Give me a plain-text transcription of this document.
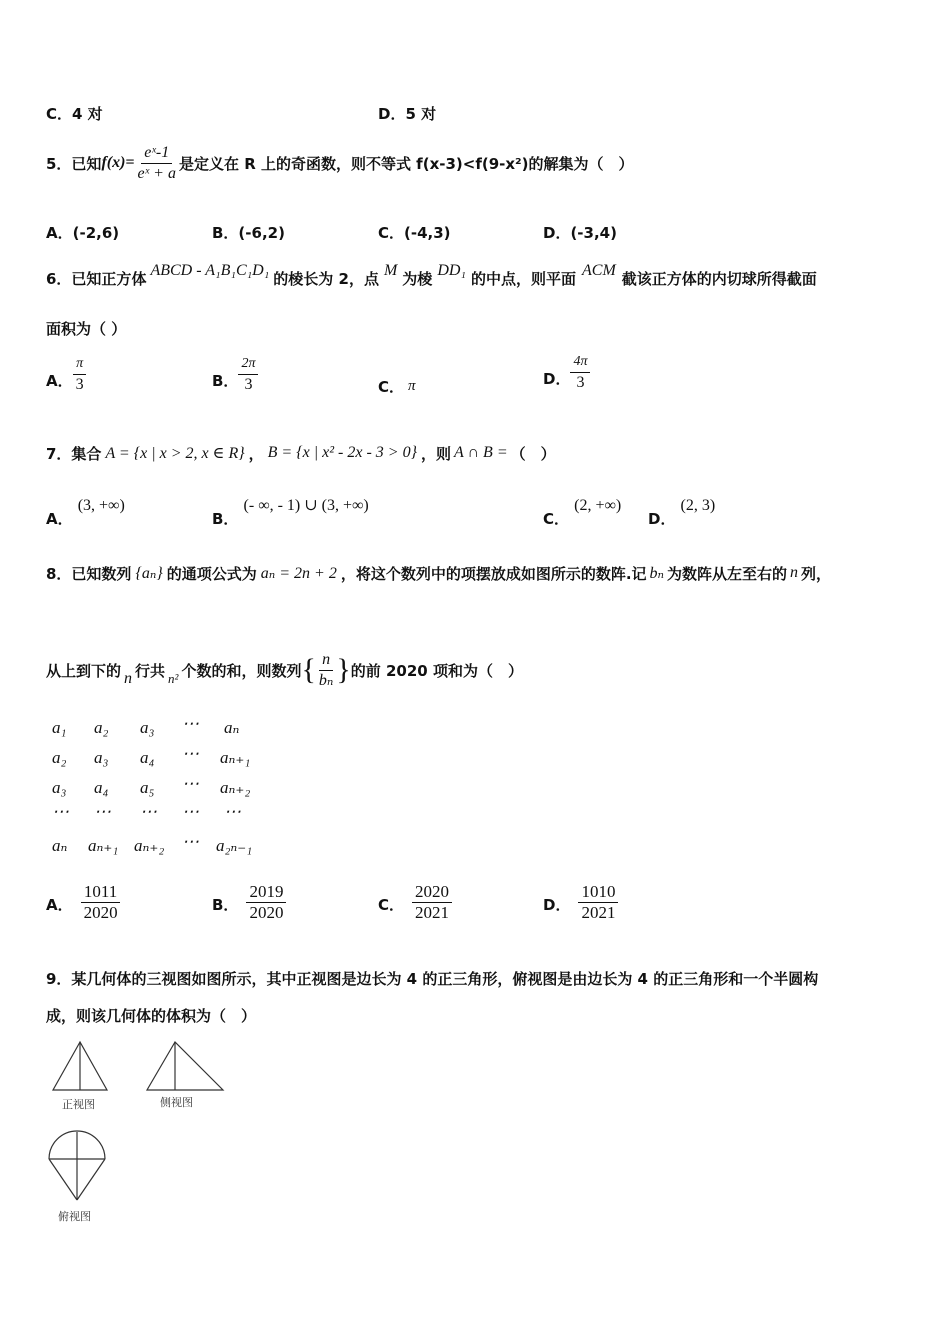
C．4 对	D．5 对
5．已知 $f(x)= \frac{\text{eˣ-1}}{\text{eˣ + a}}$ 是定义在 R 上的奇函数，则不等式 f(x-3)<f(9-x²)的解集为（　）
A．(-2,6)	B．(-6,2)	C．(-4,3)	D．(-3,4)
6．已知正方体 ABCD - A₁B₁C₁D₁ 的棱长为 2，点 M 为棱 DD₁ 的中点，则平面 ACM 截该正方体的内切球所得截面
面积为（ ）
A． $\frac{\pi}{3}$	B． $\frac{2\pi}{3}$	C． π	D． $\frac{4\pi}{3}$
7．集合 A = {x | x > 2, x ∈ R} ， B = {x | x² - 2x - 3 > 0} ，则 A ∩ B = （　）
A． (3, +∞)
B． (- ∞, - 1) ∪ (3, +∞)
C． (2, +∞)
D． (2, 3)
8．已知数列 {aₙ} 的通项公式为 aₙ = 2n + 2 ，将这个数列中的项摆放成如图所示的数阵.记 bₙ 为数阵从左至右的 n 列，
从上到下的 n 行共 n² 个数的和，则数列 { $\frac{n}{\text{bₙ}}$ } 的前 2020 项和为（　）
a₁ a₂ a₃ ⋯ aₙ
a₂ a₃ a₄ ⋯ aₙ₊₁
a₃ a₄ a₅ ⋯ aₙ₊₂
⋯ ⋯ ⋯ ⋯ ⋯
aₙ aₙ₊₁ aₙ₊₂ ⋯ a₂ₙ₋₁
A． $\frac{1011}{2020}$	B． $\frac{2019}{2020}$	C． $\frac{2020}{2021}$	D． $\frac{1010}{2021}$
9．某几何体的三视图如图所示，其中正视图是边长为 4 的正三角形，俯视图是由边长为 4 的正三角形和一个半圆构
成，则该几何体的体积为（　）
正视图	侧视图
俯视图
